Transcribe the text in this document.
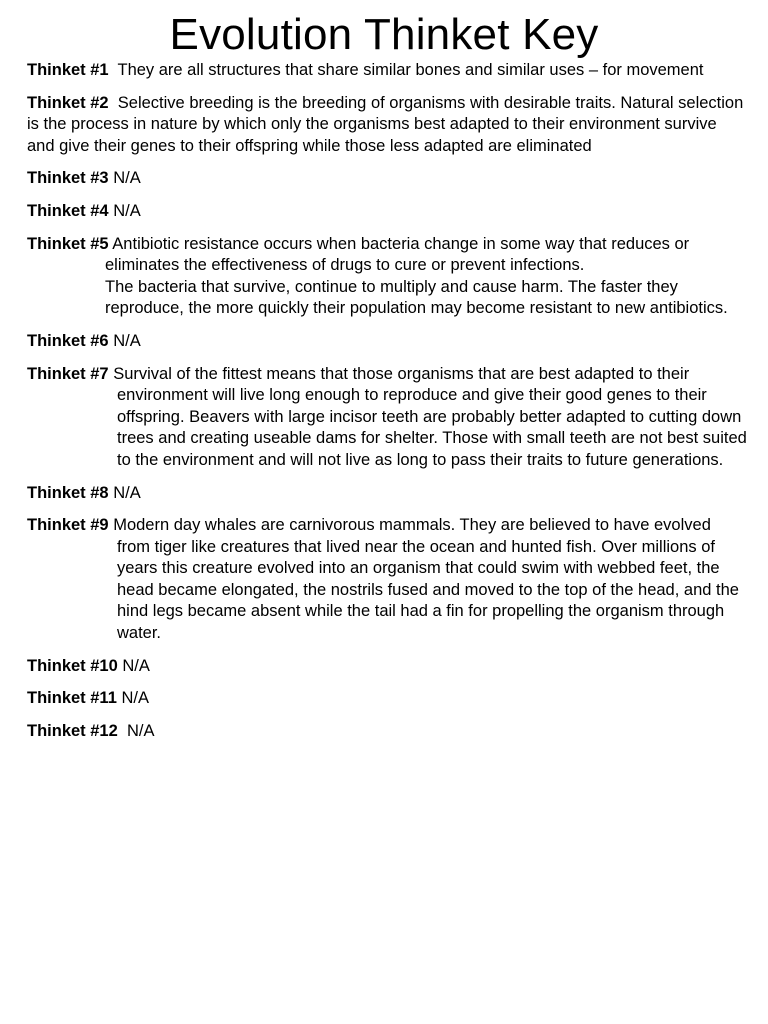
Evolution Thinket Key
Thinket #1 They are all structures that share similar bones and similar uses – for movement
Thinket #2 Selective breeding is the breeding of organisms with desirable traits. Natural selection is the process in nature by which only the organisms best adapted to their environment survive and give their genes to their offspring while those less adapted are eliminated
Thinket #3 N/A
Thinket #4 N/A
Thinket #5 Antibiotic resistance occurs when bacteria change in some way that reduces or eliminates the effectiveness of drugs to cure or prevent infections.
The bacteria that survive, continue to multiply and cause harm. The faster they reproduce, the more quickly their population may become resistant to new antibiotics.
Thinket #6 N/A
Thinket #7 Survival of the fittest means that those organisms that are best adapted to their environment will live long enough to reproduce and give their good genes to their offspring. Beavers with large incisor teeth are probably better adapted to cutting down trees and creating useable dams for shelter. Those with small teeth are not best suited to the environment and will not live as long to pass their traits to future generations.
Thinket #8 N/A
Thinket #9 Modern day whales are carnivorous mammals. They are believed to have evolved from tiger like creatures that lived near the ocean and hunted fish. Over millions of years this creature evolved into an organism that could swim with webbed feet, the head became elongated, the nostrils fused and moved to the top of the head, and the hind legs became absent while the tail had a fin for propelling the organism through water.
Thinket #10 N/A
Thinket #11 N/A
Thinket #12 N/A
